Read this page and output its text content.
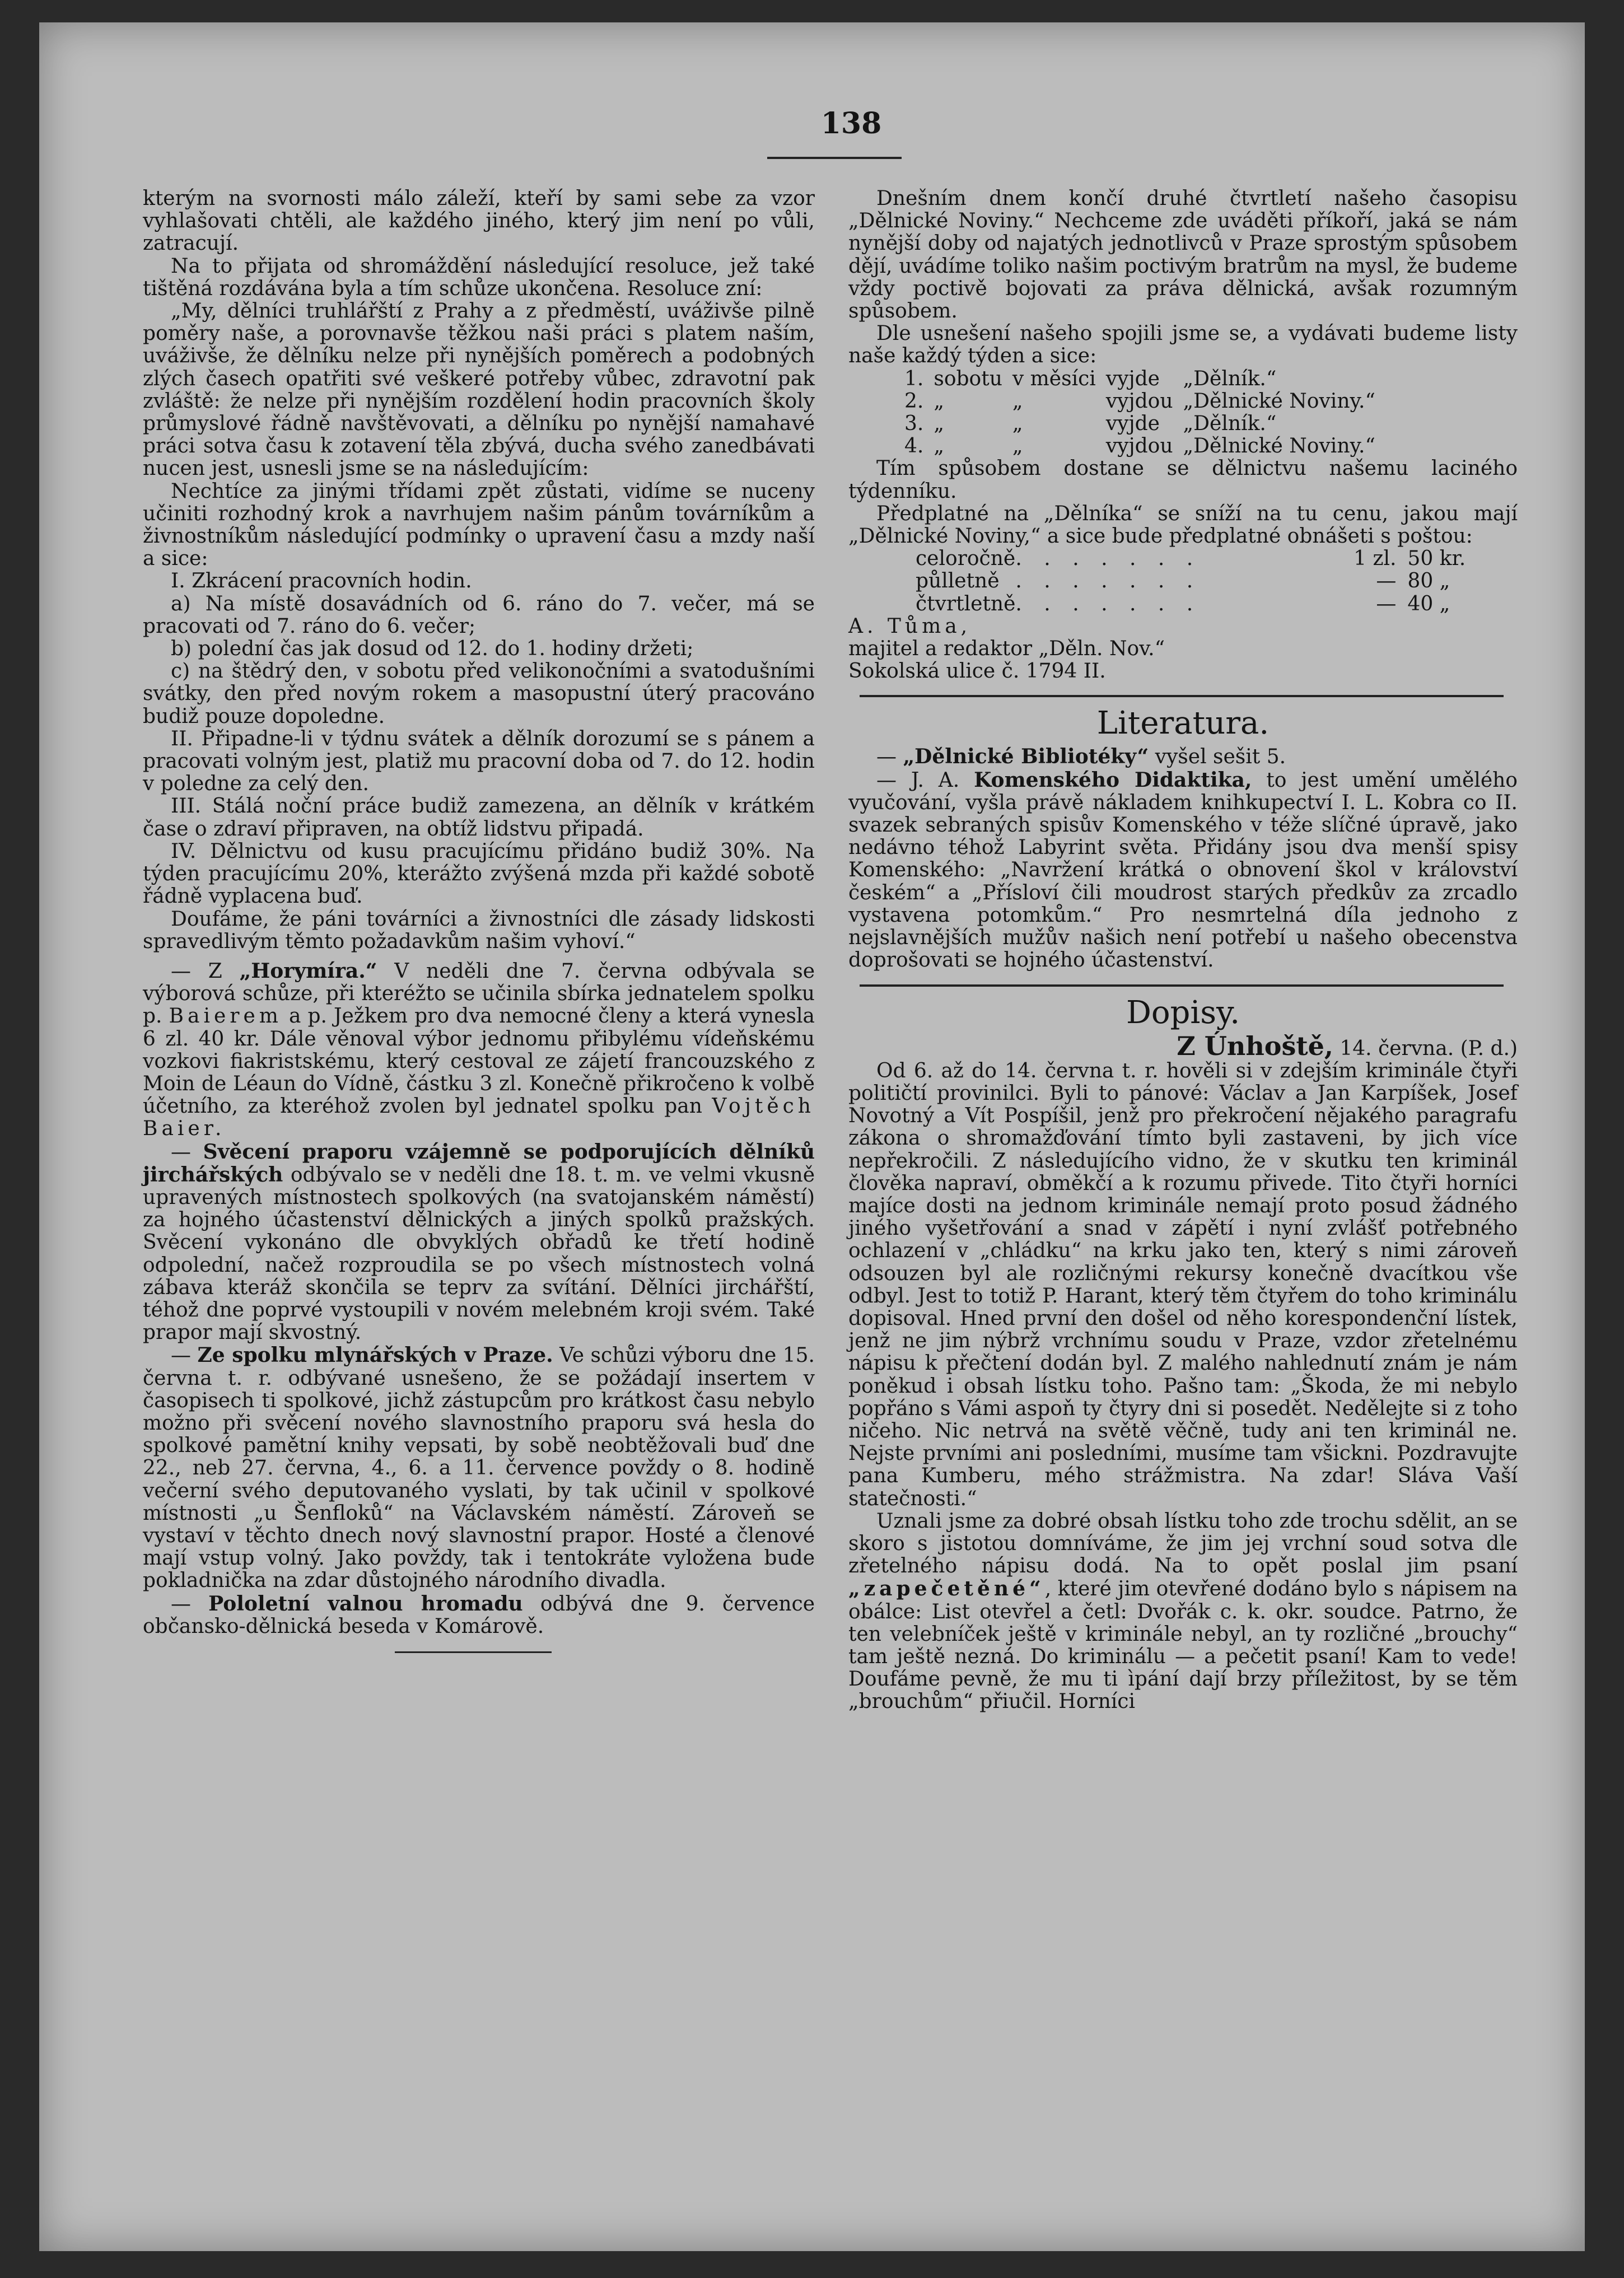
138

kterým na svornosti málo záleží, kteří by sami sebe za vzor vyhlašovati chtěli, ale každého jiného, který jim není po vůli, zatracují.

Na to přijata od shromáždění následující resoluce, jež také tištěná rozdávána byla a tím schůze ukončena. Resoluce zní:

„My, dělníci truhlářští z Prahy a z předměstí, uváživše pilně poměry naše, a porovnavše těžkou naši práci s platem naším, uváživše, že dělníku nelze při nynějších poměrech a podobných zlých časech opatřiti své veškeré potřeby vůbec, zdravotní pak zvláště: že nelze při nynějším rozdělení hodin pracovních školy průmyslové řádně navštěvovati, a dělníku po nynější namahavé práci sotva času k zotavení těla zbývá, ducha svého zanedbávati nucen jest, usnesli jsme se na následujícím:

Nechtíce za jinými třídami zpět zůstati, vidíme se nuceny učiniti rozhodný krok a navrhujem našim pánům továrníkům a živnostníkům následující podmínky o upravení času a mzdy naší a sice:

I. Zkrácení pracovních hodin.

a) Na místě dosavádních od 6. ráno do 7. večer, má se pracovati od 7. ráno do 6. večer;

b) polední čas jak dosud od 12. do 1. hodiny držeti;

c) na štědrý den, v sobotu před velikonočními a svatodušními svátky, den před novým rokem a masopustní úterý pracováno budiž pouze dopoledne.

II. Připadne-li v týdnu svátek a dělník dorozumí se s pánem a pracovati volným jest, platiž mu pracovní doba od 7. do 12. hodin v poledne za celý den.

III. Stálá noční práce budiž zamezena, an dělník v krátkém čase o zdraví připraven, na obtíž lidstvu připadá.

IV. Dělnictvu od kusu pracujícímu přidáno budiž 30%. Na týden pracujícímu 20%, kterážto zvýšená mzda při každé sobotě řádně vyplacena buď.

Doufáme, že páni továrníci a živnostníci dle zásady lidskosti spravedlivým těmto požadavkům našim vyhoví.“

— Z „Horymíra.“ V neděli dne 7. června odbývala se výborová schůze, při kteréžto se učinila sbírka jednatelem spolku p. Baierem a p. Ježkem pro dva nemocné členy a která vynesla 6 zl. 40 kr. Dále věnoval výbor jednomu přibylému vídeňskému vozkovi fiakristskému, který cestoval ze zájetí francouzského z Moin de Léaun do Vídně, částku 3 zl. Konečně přikročeno k volbě účetního, za kteréhož zvolen byl jednatel spolku pan Vojtěch Baier.

— Svěcení praporu vzájemně se podporujících dělníků jirchářských odbývalo se v neděli dne 18. t. m. ve velmi vkusně upravených místnostech spolkových (na svatojanském náměstí) za hojného účastenství dělnických a jiných spolků pražských. Svěcení vykonáno dle obvyklých obřadů ke třetí hodině odpolední, načež rozproudila se po všech místnostech volná zábava kteráž skončila se teprv za svítání. Dělníci jirchářští, téhož dne poprvé vystoupili v novém melebném kroji svém. Také prapor mají skvostný.

— Ze spolku mlynářských v Praze. Ve schůzi výboru dne 15. června t. r. odbývané usnešeno, že se požádají insertem v časopisech ti spolkové, jichž zástupcům pro krátkost času nebylo možno při svěcení nového slavnostního praporu svá hesla do spolkové pamětní knihy vepsati, by sobě neobtěžovali buď dne 22., neb 27. června, 4., 6. a 11. července povždy o 8. hodině večerní svého deputovaného vyslati, by tak učinil v spolkové místnosti „u Šenfloků“ na Václavském náměstí. Zároveň se vystaví v těchto dnech nový slavnostní prapor. Hosté a členové mají vstup volný. Jako povždy, tak i tentokráte vyložena bude pokladnička na zdar důstojného národního divadla.

— Pololetní valnou hromadu odbývá dne 9. července občansko-dělnická beseda v Komárově.

Dnešním dnem končí druhé čtvrtletí našeho časopisu „Dělnické Noviny.“ Nechceme zde uváděti příkoří, jaká se nám nynější doby od najatých jednotlivců v Praze sprostým spůsobem dějí, uvádíme toliko našim poctivým bratrům na mysl, že budeme vždy poctivě bojovati za práva dělnická, avšak rozumným spůsobem.

Dle usnešení našeho spojili jsme se, a vydávati budeme listy naše každý týden a sice:

1.	sobotu	v měsíci	vyjde	„Dělník.“
2.	„	„	vyjdou	„Dělnické Noviny.“
3.	„	„	vyjde	„Dělník.“
4.	„	„	vyjdou	„Dělnické Noviny.“

Tím spůsobem dostane se dělnictvu našemu laciného týdenníku.

Předplatné na „Dělníka“ se sníží na tu cenu, jakou mají „Dělnické Noviny,“ a sice bude předplatné obnášeti s poštou:

celoročně	. . . . . . .	1 zl.	50 kr.
půlletně	. . . . . . .	—	80 „
čtvrtletně	. . . . . . .	—	40 „

A. Tůma,

majitel a redaktor „Děln. Nov.“

Sokolská ulice č. 1794 II.

Literatura.

— „Dělnické Bibliotéky“ vyšel sešit 5.

— J. A. Komenského Didaktika, to jest umění umělého vyučování, vyšla právě nákladem knihkupectví I. L. Kobra co II. svazek sebraných spisův Komenského v téže slíčné úpravě, jako nedávno téhož Labyrint světa. Přidány jsou dva menší spisy Komenského: „Navržení krátká o obnovení škol v království českém“ a „Přísloví čili moudrost starých předkův za zrcadlo vystavena potomkům.“ Pro nesmrtelná díla jednoho z nejslavnějších mužův našich není potřebí u našeho obecenstva doprošovati se hojného účastenství.

Dopisy.

Z Únhoště, 14. června. (P. d.)

Od 6. až do 14. června t. r. hověli si v zdejším kriminále čtyři političtí provinilci. Byli to pánové: Václav a Jan Karpíšek, Josef Novotný a Vít Pospíšil, jenž pro překročení nějakého paragrafu zákona o shromažďování tímto byli zastaveni, by jich více nepřekročili. Z následujícího vidno, že v skutku ten kriminál člověka napraví, obměkčí a k rozumu přivede. Tito čtyři horníci majíce dosti na jednom kriminále nemají proto posud žádného jiného vyšetřování a snad v zápětí i nyní zvlášť potřebného ochlazení v „chládku“ na krku jako ten, který s nimi zároveň odsouzen byl ale rozličnými rekursy konečně dvacítkou vše odbyl. Jest to totiž P. Harant, který těm čtyřem do toho kriminálu dopisoval. Hned první den došel od něho korespondenční lístek, jenž ne jim nýbrž vrchnímu soudu v Praze, vzdor zřetelnému nápisu k přečtení dodán byl. Z malého nahlednutí znám je nám poněkud i obsah lístku toho. Pašno tam: „Škoda, že mi nebylo popřáno s Vámi aspoň ty čtyry dni si posedět. Nedělejte si z toho ničeho. Nic netrvá na světě věčně, tudy ani ten kriminál ne. Nejste prvními ani posledními, musíme tam všickni. Pozdravujte pana Kumberu, mého strážmistra. Na zdar! Sláva Vaší statečnosti.“

Uznali jsme za dobré obsah lístku toho zde trochu sdělit, an se skoro s jistotou domníváme, že jim jej vrchní soud sotva dle zřetelného nápisu dodá. Na to opět poslal jim psaní „zapečetěné“, které jim otevřené dodáno bylo s nápisem na obálce: List otevřel a četl: Dvořák c. k. okr. soudce. Patrno, že ten velebníček ještě v kriminále nebyl, an ty rozličné „brouchy“ tam ještě nezná. Do kriminálu — a pečetit psaní! Kam to vede! Doufáme pevně, že mu ti ìpání dají brzy příležitost, by se těm „brouchům“ přiučil. Horníci
